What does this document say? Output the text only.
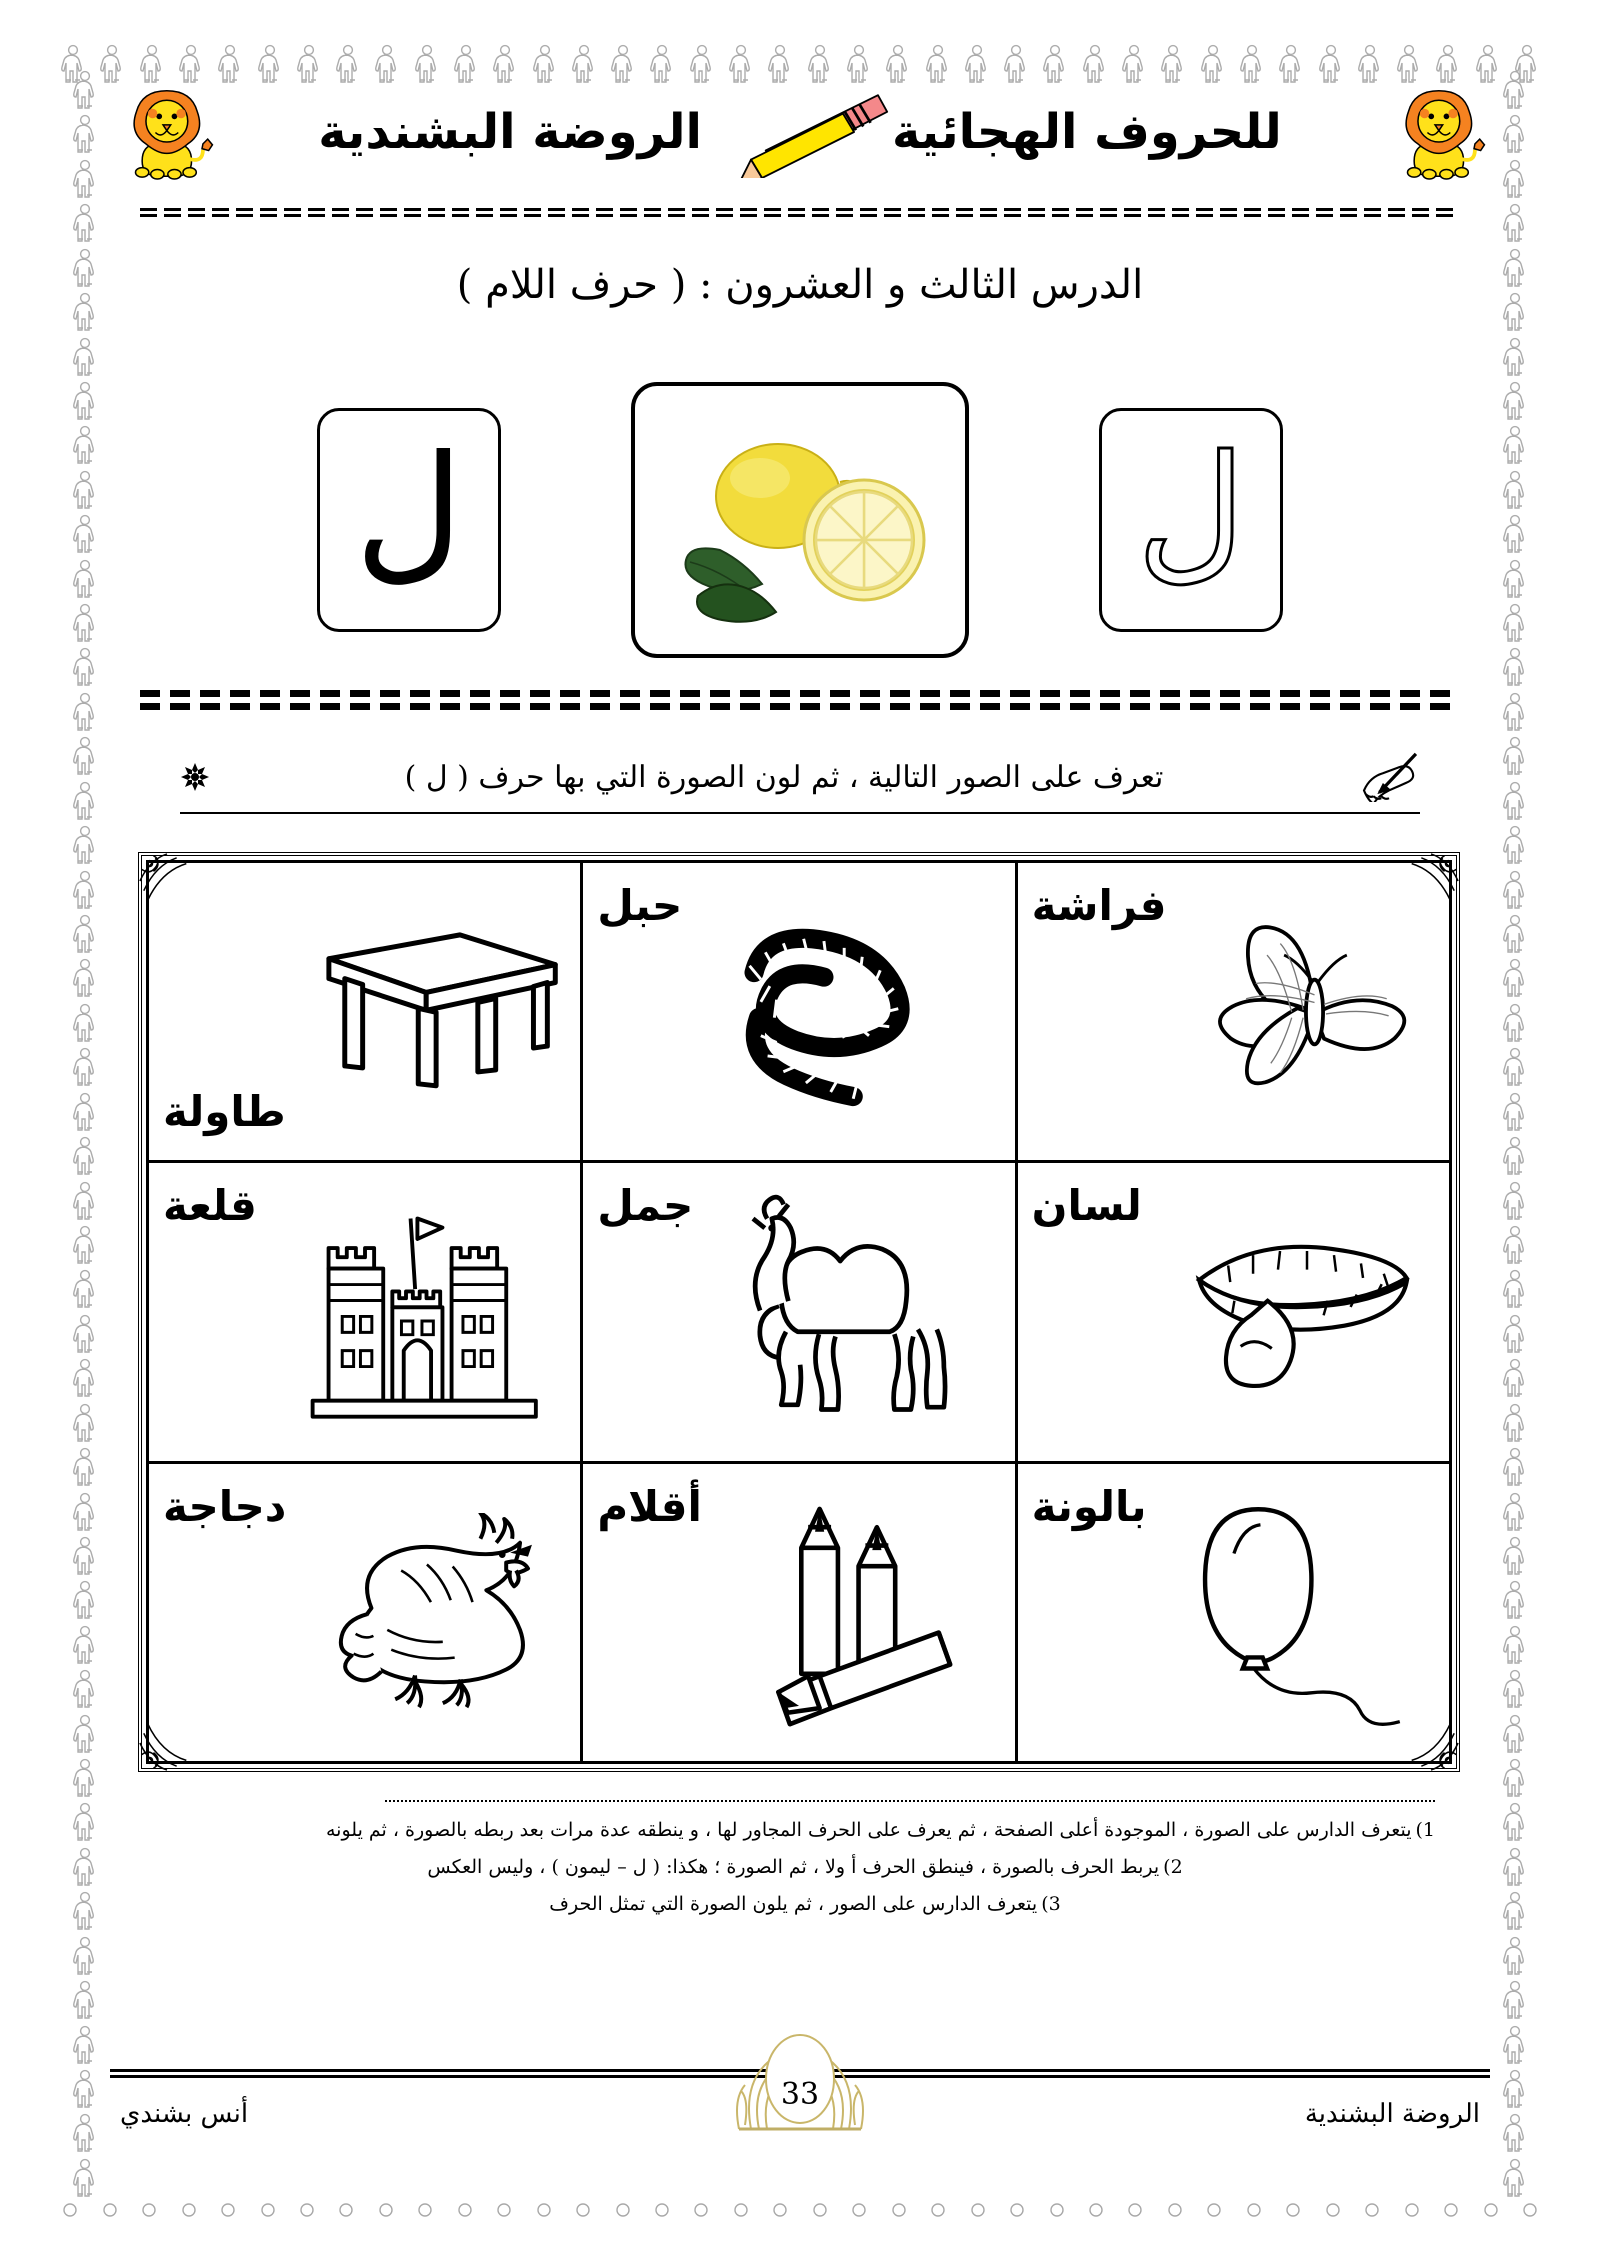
الروضة البشندية	للحروف الهجائية
الدرس الثالث و العشرون : ( حرف اللام )
ل	ل
تعرف على الصور التالية ، ثم لون الصورة التي بها حرف ( ل )
فراشة
حبل
طاولة
لسان
جمل
قلعة
بالونة
أقلام
دجاجة
1)
يتعرف الدارس على الصورة ، الموجودة أعلى الصفحة ، ثم يعرف على الحرف المجاور لها ، و ينطقه عدة مرات بعد ربطه بالصورة ، ثم يلونه
2)
يربط الحرف بالصورة ، فينطق الحرف أ ولا ، ثم الصورة ؛ هكذا: ( ل – ليمون ) ، وليس العكس
3)
يتعرف الدارس على الصور ، ثم يلون الصورة التي تمثل الحرف
33
الروضة البشندية
أنس بشندي
